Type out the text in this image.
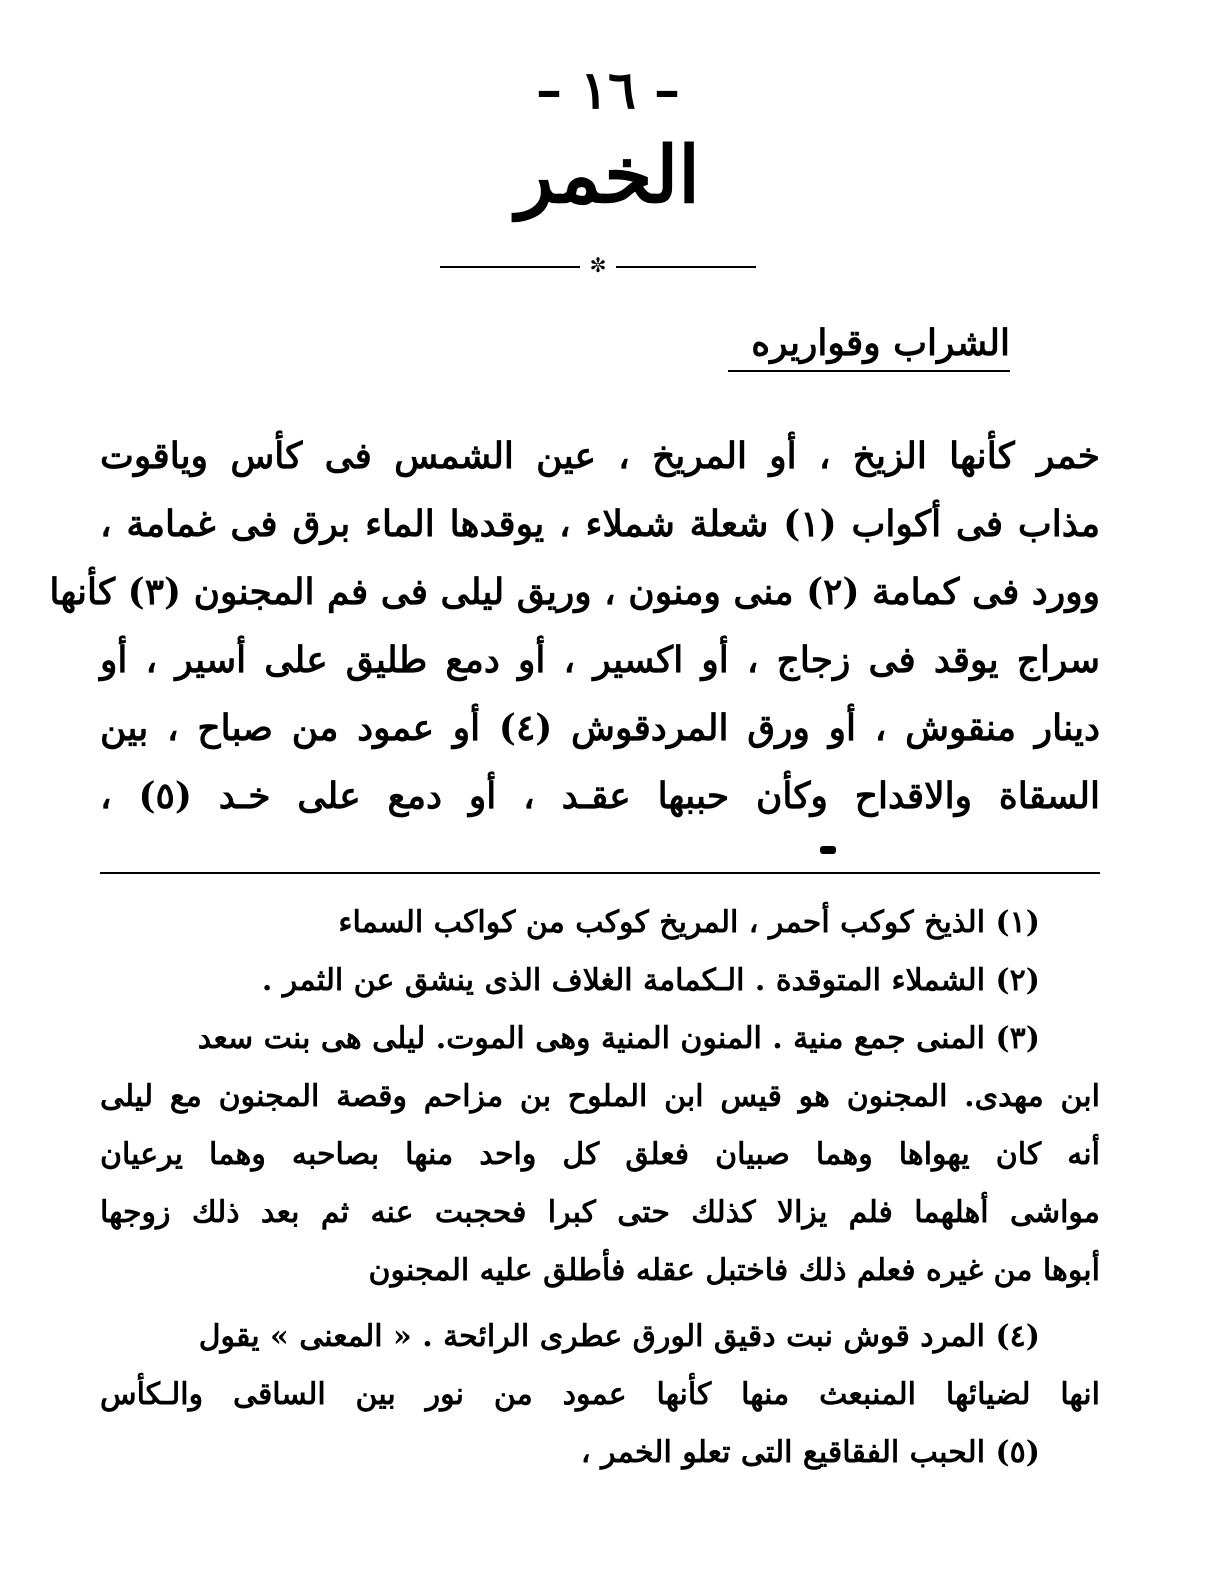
– ١٦ –
الخمر
✼
الشراب وقواريره
خمر كأنها الزيخ ، أو المريخ ، عين الشمس فى كأس وياقوت
مذاب فى أكواب (١) شعلة شملاء ، يوقدها الماء برق فى غمامة ،
وورد فى كمامة (٢) منى ومنون ، وريق ليلى فى فم المجنون (٣) كأنها
سراج يوقد فى زجاج ، أو اكسير ، أو دمع طليق على أسير ، أو
دينار منقوش ، أو ورق المردقوش (٤) أو عمود من صباح ، بين
السقاة والاقداح وكأن حببها عقـد ، أو دمع على خـد (٥) ،
(١) الذيخ كوكب أحمر ، المريخ كوكب من كواكب السماء
(٢) الشملاء المتوقدة . الـكمامة الغلاف الذى ينشق عن الثمر .
(٣) المنى جمع منية . المنون المنية وهى الموت. ليلى هى بنت سعد
ابن مهدى. المجنون هو قيس ابن الملوح بن مزاحم وقصة المجنون مع ليلى
أنه كان يهواها وهما صبيان فعلق كل واحد منها بصاحبه وهما يرعيان
مواشى أهلهما فلم يزالا كذلك حتى كبرا فحجبت عنه ثم بعد ذلك زوجها
أبوها من غيره فعلم ذلك فاختبل عقله فأطلق عليه المجنون
(٤) المرد قوش نبت دقيق الورق عطرى الرائحة . « المعنى » يقول
انها لضيائها المنبعث منها كأنها عمود من نور بين الساقى والـكأس
(٥) الحبب الفقاقيع التى تعلو الخمر ،
